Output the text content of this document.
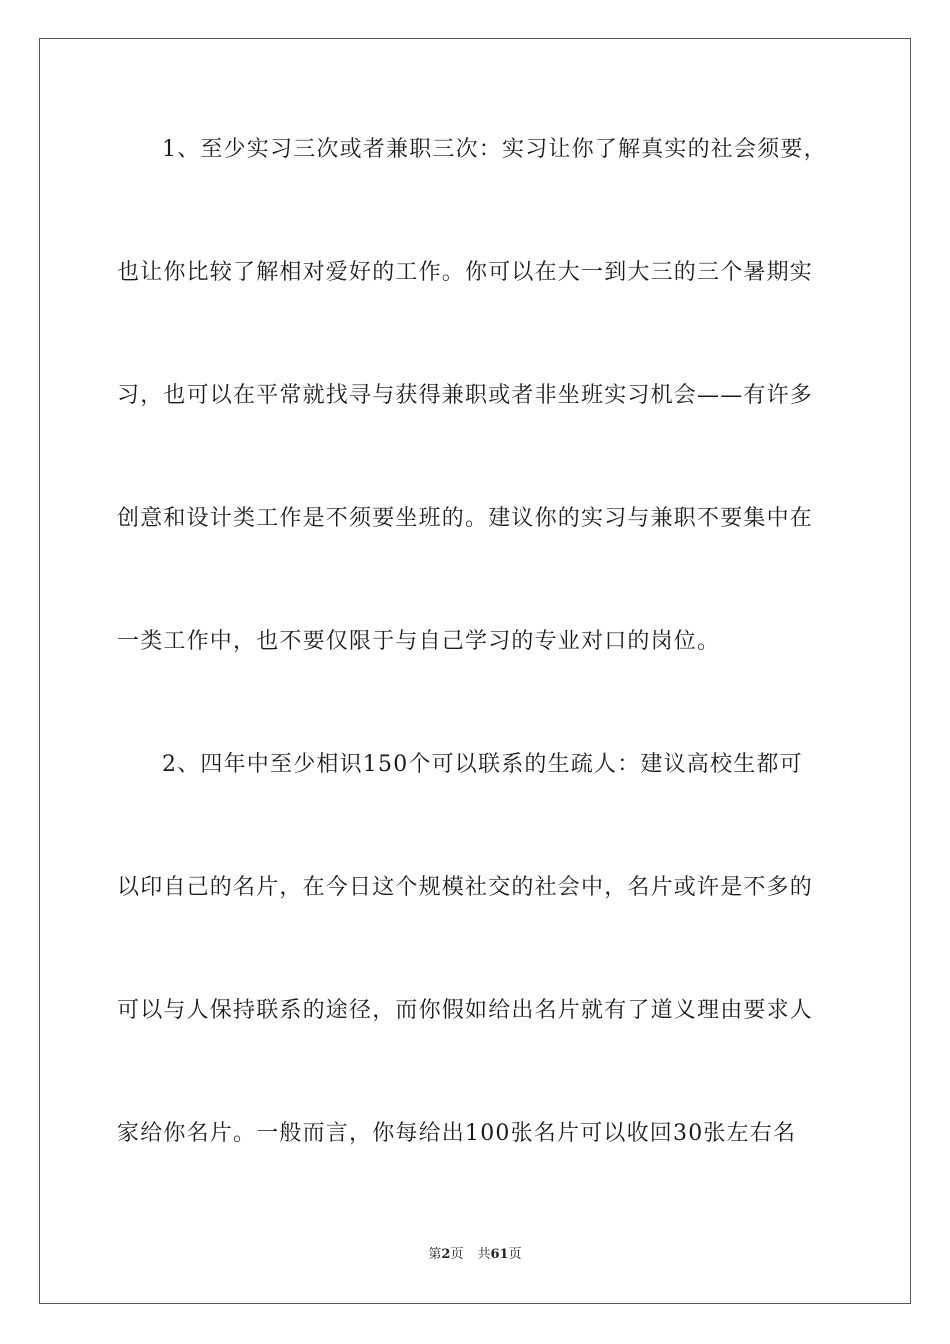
1、至少实习三次或者兼职三次：实习让你了解真实的社会须要，
也让你比较了解相对爱好的工作。你可以在大一到大三的三个暑期实
习，也可以在平常就找寻与获得兼职或者非坐班实习机会——有许多
创意和设计类工作是不须要坐班的。建议你的实习与兼职不要集中在
一类工作中，也不要仅限于与自己学习的专业对口的岗位。
2、四年中至少相识150个可以联系的生疏人：建议高校生都可
以印自己的名片，在今日这个规模社交的社会中，名片或许是不多的
可以与人保持联系的途径，而你假如给出名片就有了道义理由要求人
家给你名片。一般而言，你每给出100张名片可以收回30张左右名
第2页 共61页
